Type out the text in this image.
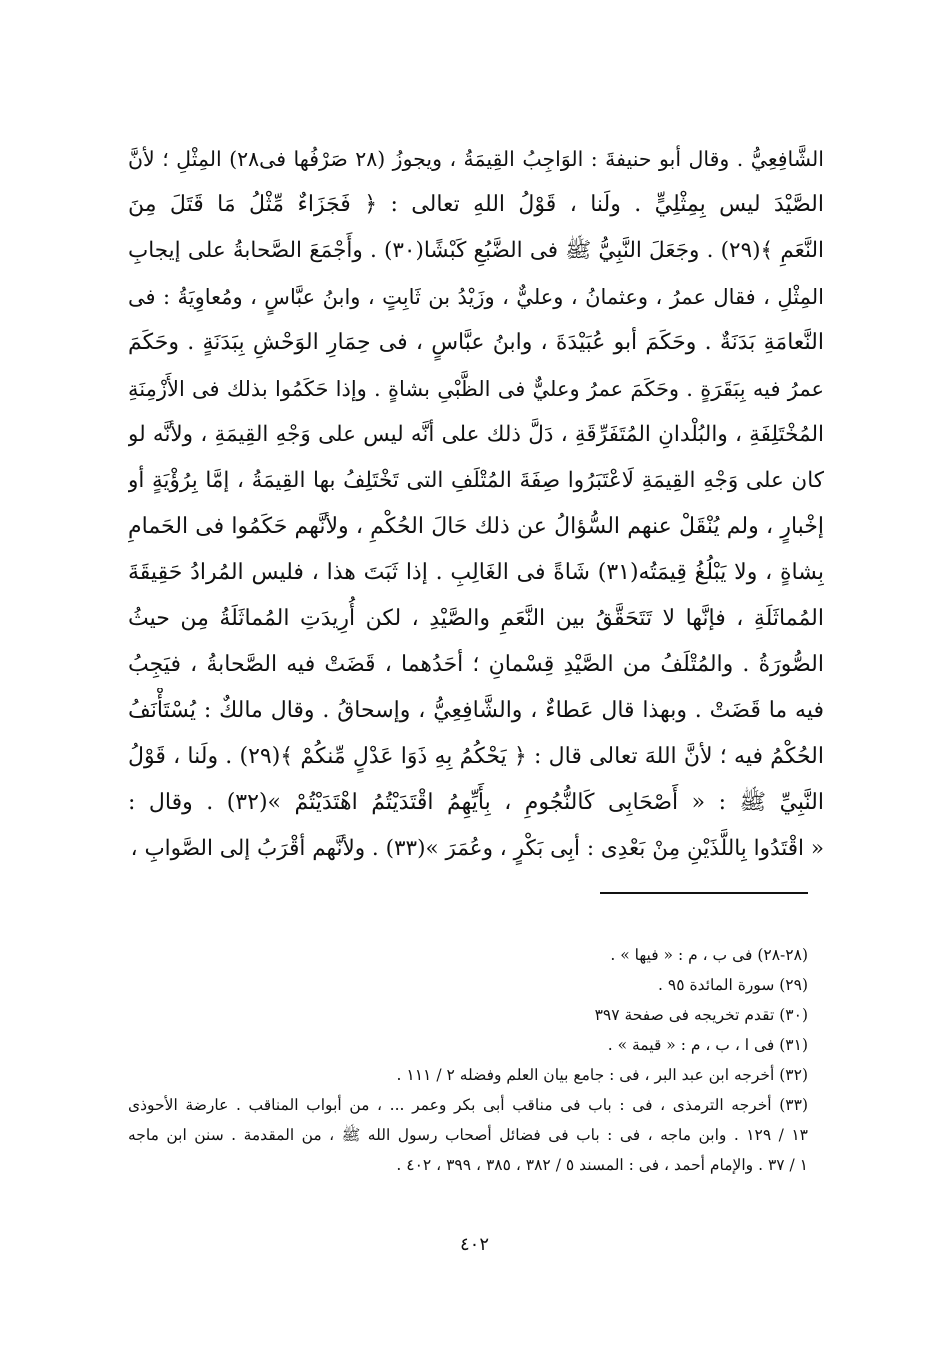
الشَّافِعِيُّ . وقال أبو حنيفةَ : الوَاجِبُ القِيمَةُ ، ويجوزُ (٢٨ صَرْفُها فى٢٨) المِثْلِ ؛ لأنَّ
الصَّيْدَ ليس بِمِثْلِيٍّ . ولَنا ، قَوْلُ اللهِ تعالى : ﴿ فَجَزَاءٌ مِّثْلُ مَا قَتَلَ مِنَ
النَّعَمِ ﴾(٢٩) . وجَعَلَ النَّبِيُّ ﷺ فى الضَّبُعِ كَبْشًا(٣٠) . وأَجْمَعَ الصَّحابةُ على إيجابِ
المِثْلِ ، فقال عمرُ ، وعثمانُ ، وعليٌّ ، وزَيْدُ بن ثَابِتٍ ، وابنُ عبَّاسٍ ، ومُعاوِيَةُ : فى
النَّعامَةِ بَدَنَةٌ . وحَكَمَ أبو عُبَيْدَةَ ، وابنُ عبَّاسٍ ، فى حِمَارِ الوَحْشِ بِبَدَنَةٍ . وحَكَمَ
عمرُ فيه بِبَقَرَةٍ . وحَكَمَ عمرُ وعليٌّ فى الظَّبْىِ بشاةٍ . وإذا حَكَمُوا بذلك فى الأَزْمِنَةِ
المُخْتَلِفَةِ ، والبُلْدانِ المُتَفَرِّقَةِ ، دَلَّ ذلك على أنَّه ليس على وَجْهِ القِيمَةِ ، ولأنَّه لو
كان على وَجْهِ القِيمَةِ لَاعْتَبَرُوا صِفَةَ المُتْلَفِ التى تَخْتَلِفُ بها القِيمَةُ ، إمَّا بِرُؤْيَةٍ أو
إخْبارٍ ، ولم يُنْقَلْ عنهم السُّؤالُ عن ذلك حَالَ الحُكْمِ ، ولأنَّهم حَكَمُوا فى الحَمامِ
بِشاةٍ ، ولا يَبْلُغُ قِيمَتُه(٣١) شَاةً فى الغَالِبِ . إذا ثَبَتَ هذا ، فليس المُرادُ حَقِيقَةَ
المُماثَلَةِ ، فإنَّها لا تَتَحَقَّقُ بين النَّعَمِ والصَّيْدِ ، لكن أُرِيدَتِ المُماثَلَةُ مِن حيثُ
الصُّورَةُ . والمُتْلَفُ من الصَّيْدِ قِسْمانِ ؛ أحَدُهما ، قَضَتْ فيه الصَّحابةُ ، فيَجِبُ
فيه ما قَضَتْ . وبهذا قال عَطاءٌ ، والشَّافِعِيُّ ، وإسحاقُ . وقال مالكٌ : يُسْتَأْنَفُ
الحُكْمُ فيه ؛ لأنَّ اللهَ تعالى قال : ﴿ يَحْكُمُ بِهِ ذَوَا عَدْلٍ مِّنكُمْ ﴾(٢٩) . ولَنا ، قَوْلُ
النَّبِيِّ ﷺ : « أَصْحَابِى كَالنُّجُومِ ، بِأَيِّهِمُ اقْتَدَيْتُمُ اهْتَدَيْتُمْ »(٣٢) . وقال :
« اقْتَدُوا بِاللَّذَيْنِ مِنْ بَعْدِى : أبِى بَكْرٍ ، وعُمَرَ »(٣٣) . ولأنَّهم أقْرَبُ إلى الصَّوابِ ،
(٢٨-٢٨) فى ب ، م : « فيها » .
(٢٩) سورة المائدة ٩٥ .
(٣٠) تقدم تخريجه فى صفحة ٣٩٧
(٣١) فى ا ، ب ، م : « قيمة » .
(٣٢) أخرجه ابن عبد البر ، فى : جامع بيان العلم وفضله ٢ / ١١١ .
(٣٣) أخرجه الترمذى ، فى : باب فى مناقب أبى بكر وعمر ... ، من أبواب المناقب . عارضة الأحوذى
١٣ / ١٢٩ . وابن ماجه ، فى : باب فى فضائل أصحاب رسول الله ﷺ ، من المقدمة . سنن ابن ماجه
١ / ٣٧ . والإمام أحمد ، فى : المسند ٥ / ٣٨٢ ، ٣٨٥ ، ٣٩٩ ، ٤٠٢ .
٤٠٢
